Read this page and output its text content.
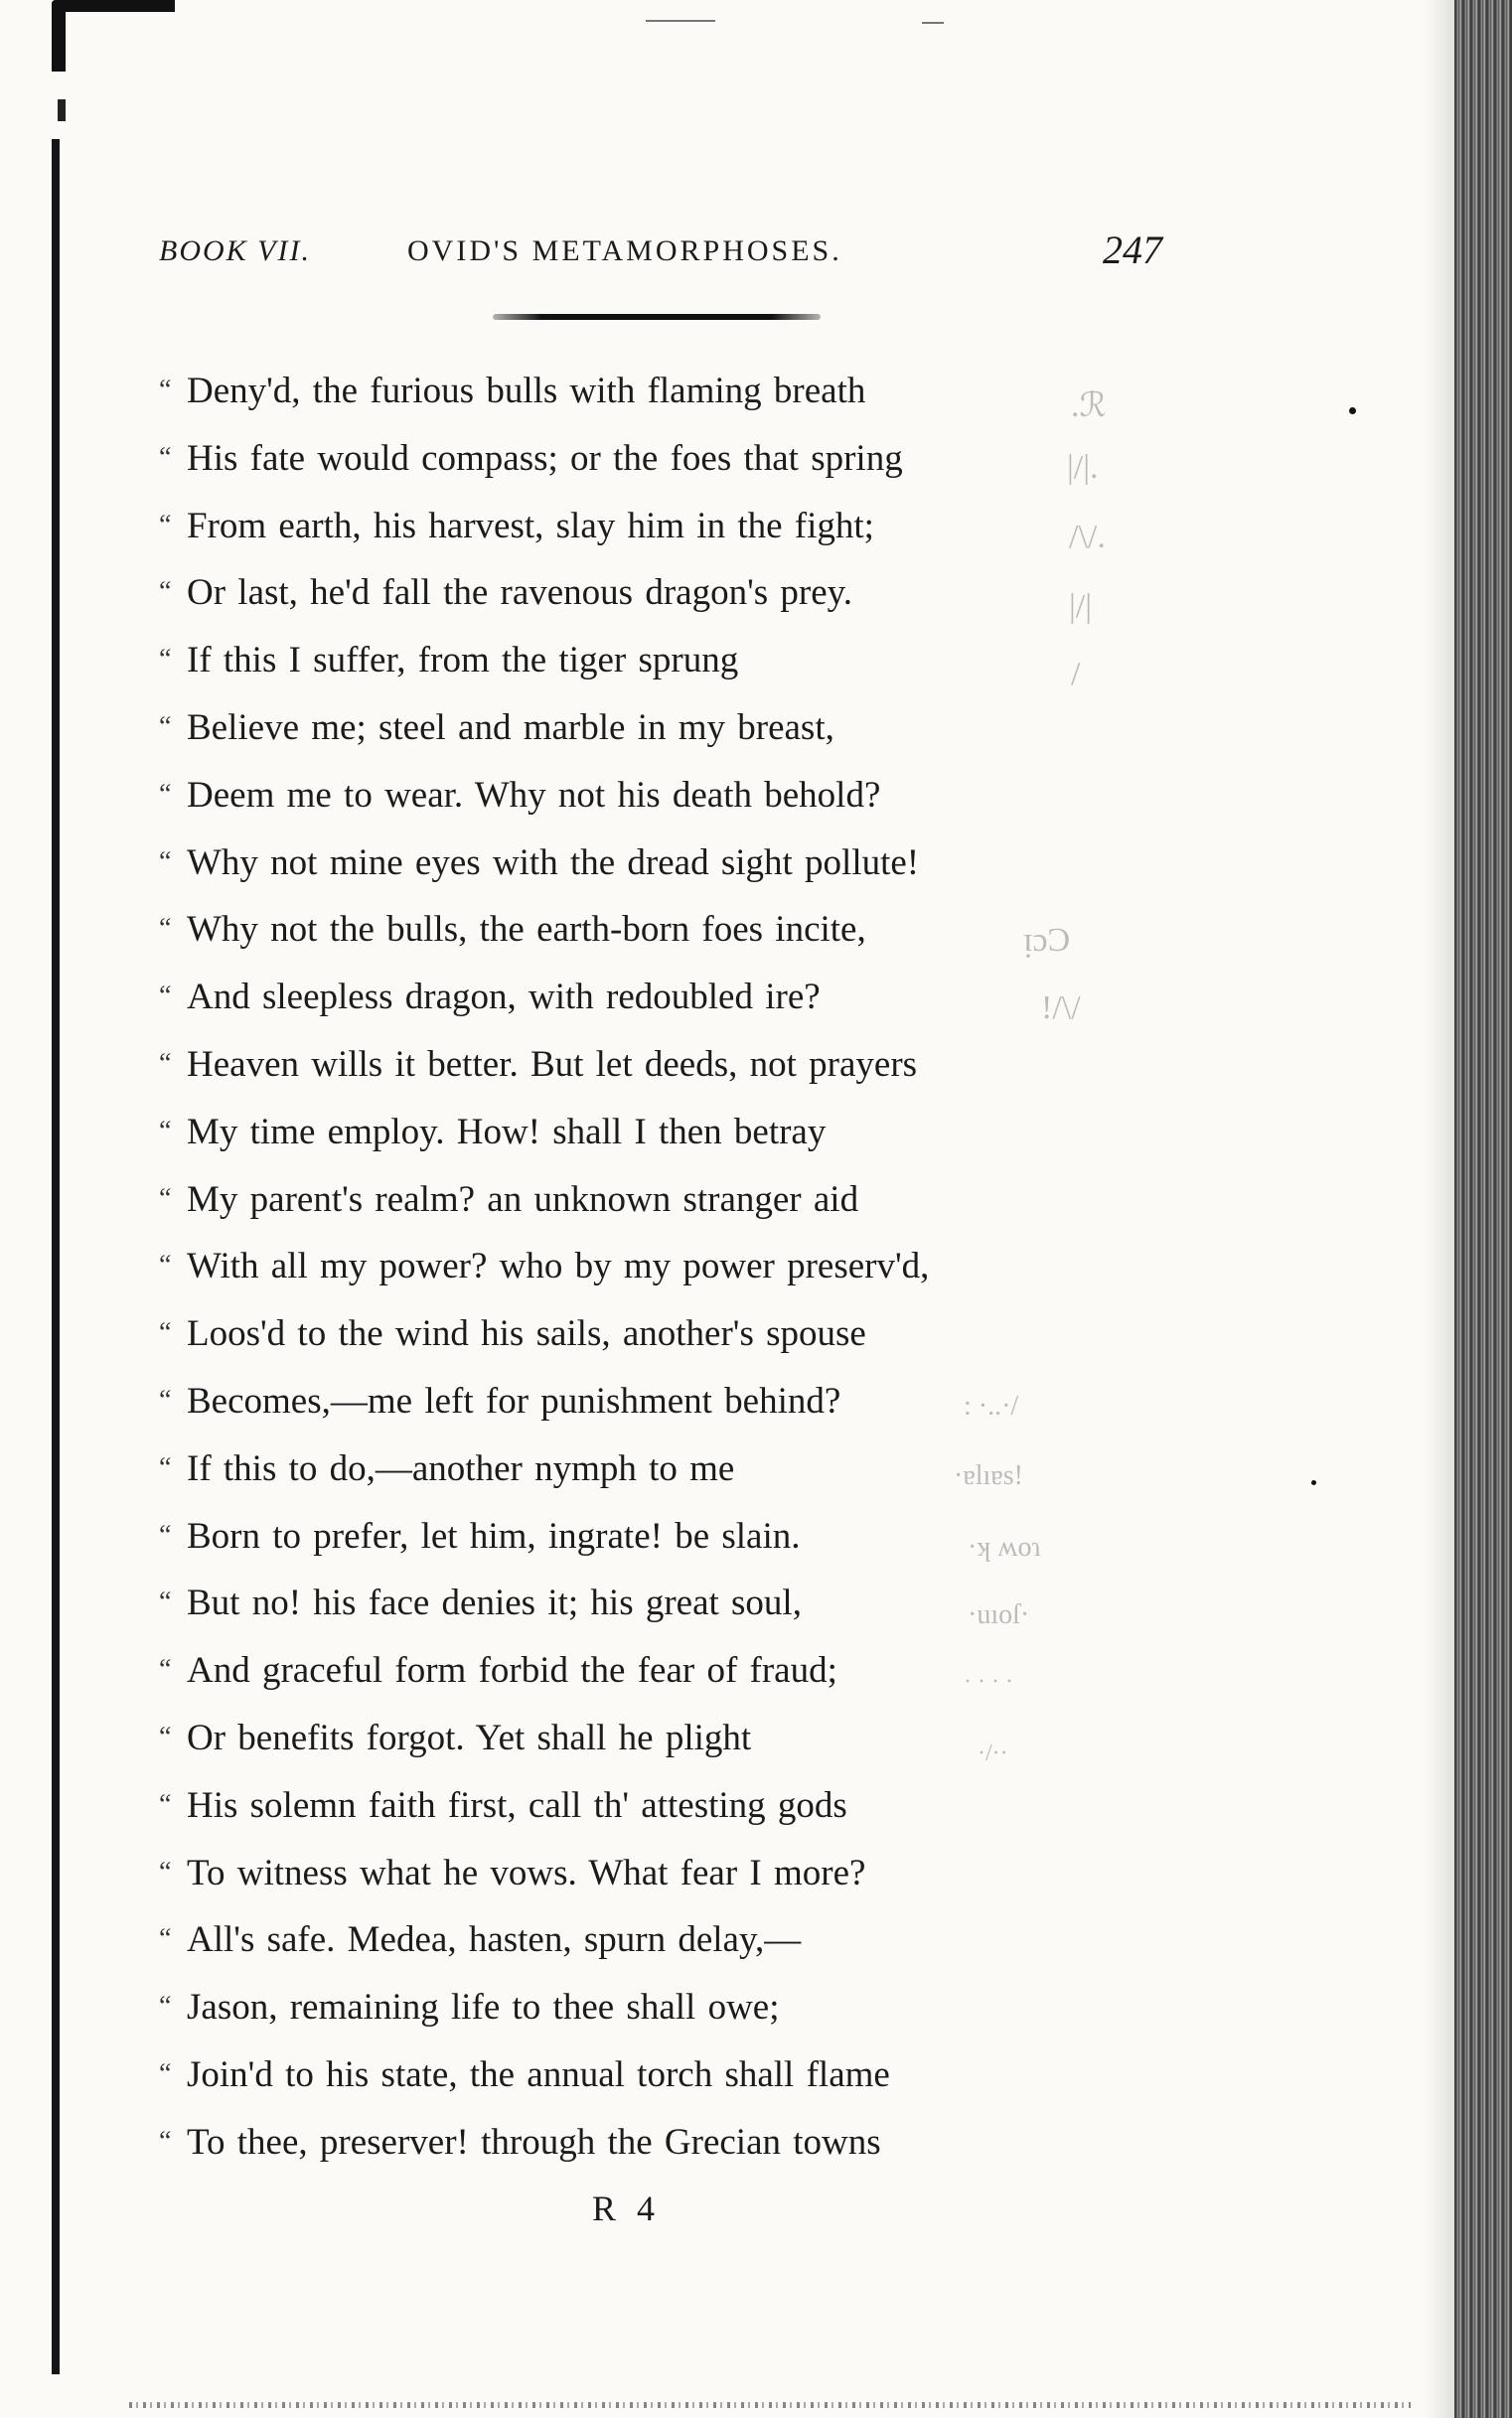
BOOK VII.	OVID'S METAMORPHOSES.	247
“ Deny'd, the furious bulls with flaming breath
“ His fate would compass; or the foes that spring
“ From earth, his harvest, slay him in the fight;
“ Or last, he'd fall the ravenous dragon's prey.
“ If this I suffer, from the tiger sprung
“ Believe me; steel and marble in my breast,
“ Deem me to wear. Why not his death behold?
“ Why not mine eyes with the dread sight pollute!
“ Why not the bulls, the earth-born foes incite,
“ And sleepless dragon, with redoubled ire?
“ Heaven wills it better. But let deeds, not prayers
“ My time employ. How! shall I then betray
“ My parent's realm? an unknown stranger aid
“ With all my power? who by my power preserv'd,
“ Loos'd to the wind his sails, another's spouse
“ Becomes,—me left for punishment behind?
“ If this to do,—another nymph to me
“ Born to prefer, let him, ingrate! be slain.
“ But no! his face denies it; his great soul,
“ And graceful form forbid the fear of fraud;
“ Or benefits forgot. Yet shall he plight
“ His solemn faith first, call th' attesting gods
“ To witness what he vows. What fear I more?
“ All's safe. Medea, hasten, spurn delay,—
“ Jason, remaining life to thee shall owe;
“ Join'd to his state, the annual torch shall flame
“ To thee, preserver! through the Grecian towns
.ℛ
|/|.
/\/.
|/|
/
ᴉɔƆ
!/\/
: ·..·/
·ɐlıɐs!
·ʞ ʍoɿ
·uıoſ·
· · · ·
·/··
R 4
